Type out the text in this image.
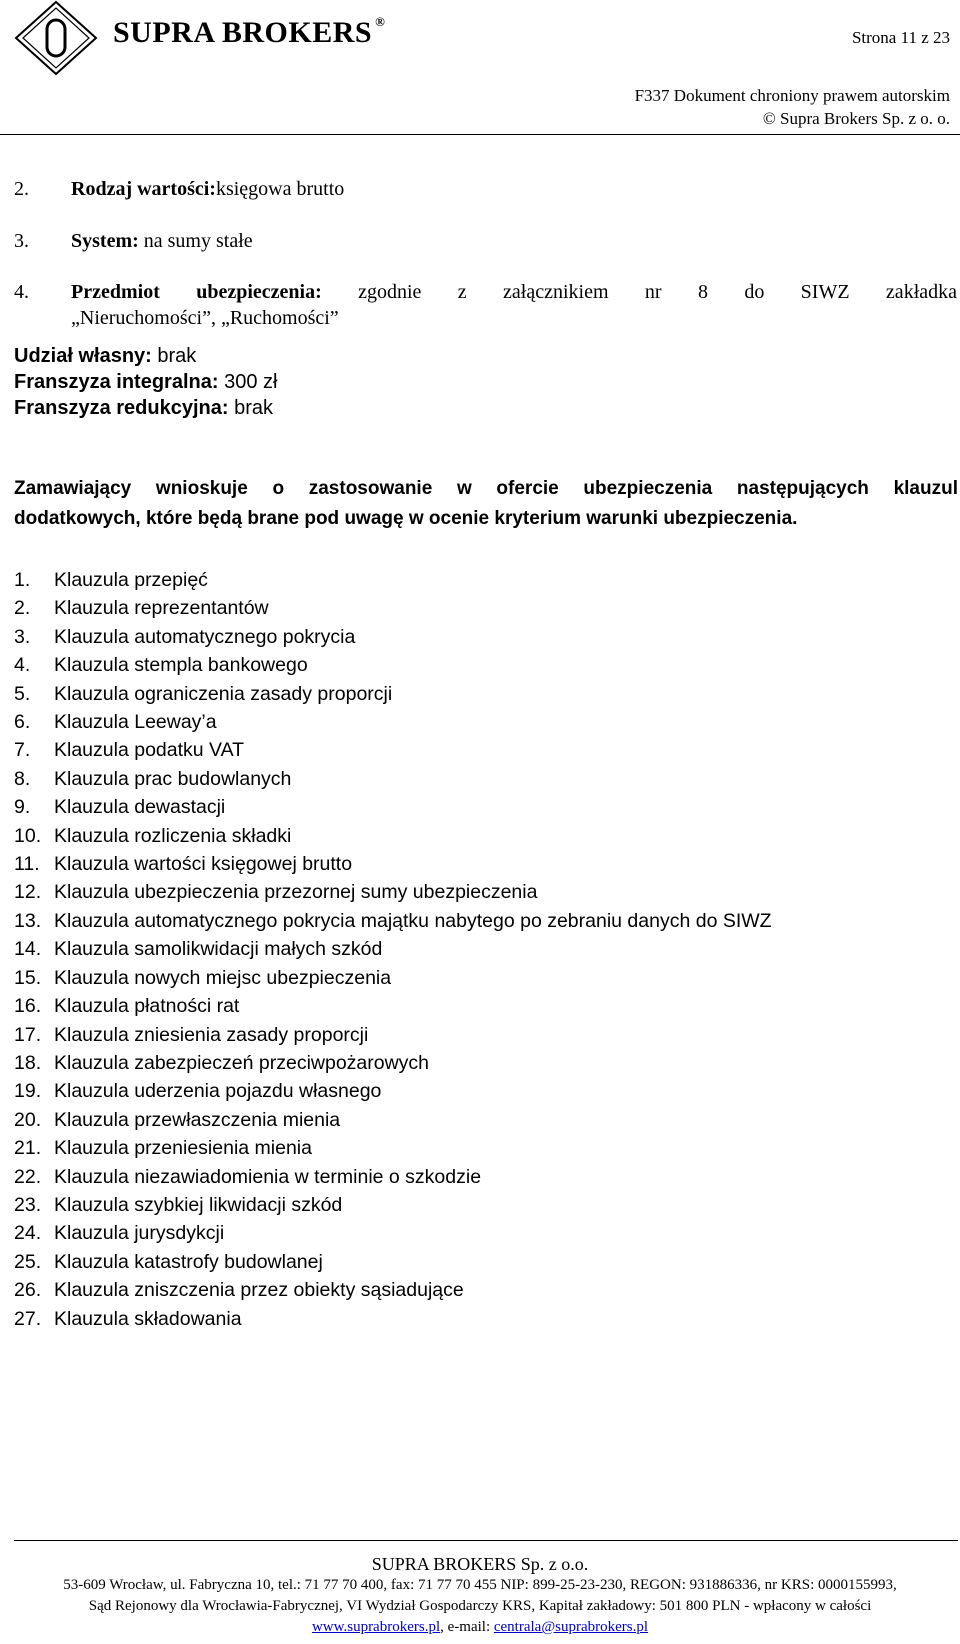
SUPRA BROKERS ®
Strona 11 z 23
F337 Dokument chroniony prawem autorskim
© Supra Brokers Sp. z o. o.
2. Rodzaj wartości:księgowa brutto
3. System: na sumy stałe
4.	Przedmiot ubezpieczenia: zgodnie z załącznikiem nr 8 do SIWZ zakładka
„Nieruchomości”, „Ruchomości”
Udział własny: brak
Franszyza integralna: 300 zł
Franszyza redukcyjna: brak
Zamawiający wnioskuje o zastosowanie w ofercie ubezpieczenia następujących klauzul
dodatkowych, które będą brane pod uwagę w ocenie kryterium warunki ubezpieczenia.
1.	Klauzula przepięć
2.	Klauzula reprezentantów
3.	Klauzula automatycznego pokrycia
4.	Klauzula stempla bankowego
5.	Klauzula ograniczenia zasady proporcji
6.	Klauzula Leeway’a
7.	Klauzula podatku VAT
8.	Klauzula prac budowlanych
9.	Klauzula dewastacji
10. Klauzula rozliczenia składki
11. Klauzula wartości księgowej brutto
12. Klauzula ubezpieczenia przezornej sumy ubezpieczenia
13. Klauzula automatycznego pokrycia majątku nabytego po zebraniu danych do SIWZ
14. Klauzula samolikwidacji małych szkód
15. Klauzula nowych miejsc ubezpieczenia
16. Klauzula płatności rat
17. Klauzula zniesienia zasady proporcji
18. Klauzula zabezpieczeń przeciwpożarowych
19. Klauzula uderzenia pojazdu własnego
20. Klauzula przewłaszczenia mienia
21. Klauzula przeniesienia mienia
22. Klauzula niezawiadomienia w terminie o szkodzie
23. Klauzula szybkiej likwidacji szkód
24. Klauzula jurysdykcji
25. Klauzula katastrofy budowlanej
26. Klauzula zniszczenia przez obiekty sąsiadujące
27. Klauzula składowania
SUPRA BROKERS Sp. z o.o.
53-609 Wrocław, ul. Fabryczna 10, tel.: 71 77 70 400, fax: 71 77 70 455 NIP: 899-25-23-230, REGON: 931886336, nr KRS: 0000155993,
Sąd Rejonowy dla Wrocławia-Fabrycznej, VI Wydział Gospodarczy KRS, Kapitał zakładowy: 501 800 PLN - wpłacony w całości
www.suprabrokers.pl, e-mail: centrala@suprabrokers.pl
